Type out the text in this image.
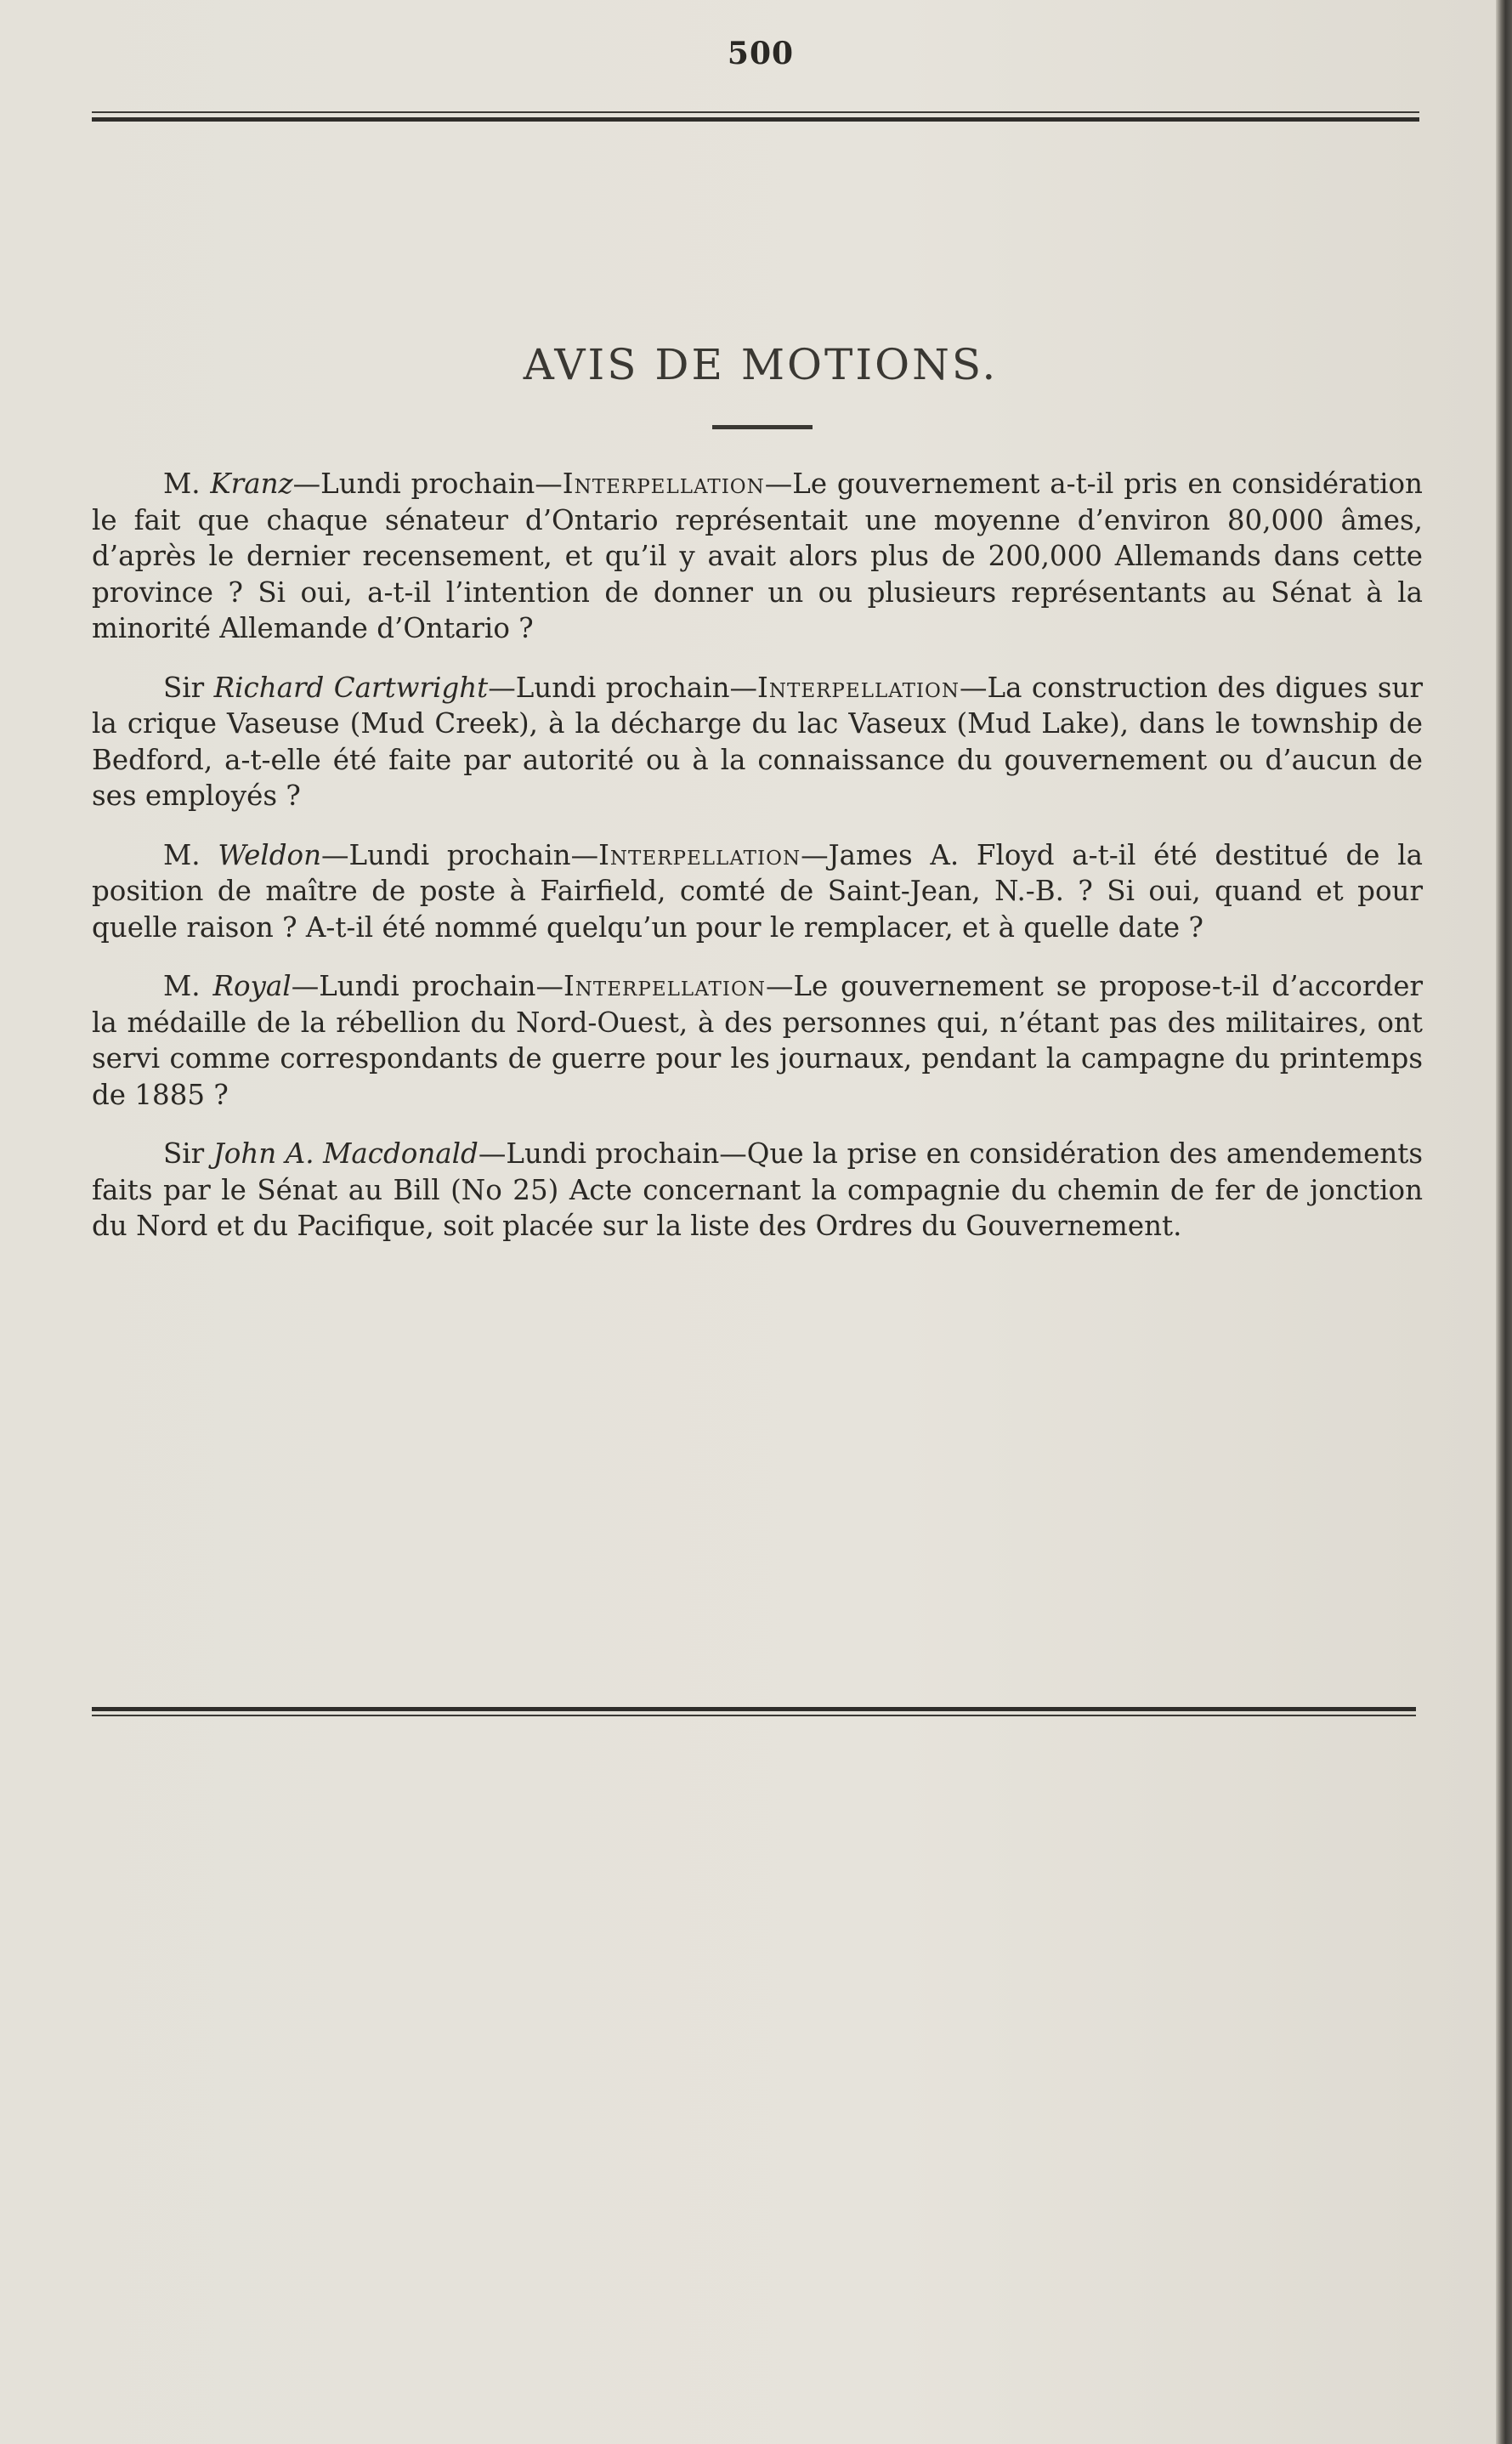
500
AVIS DE MOTIONS.

M. Kranz—Lundi prochain—Interpellation—Le gouvernement a-t-il pris en considération le fait que chaque sénateur d’Ontario représentait une moyenne d’environ 80,000 âmes, d’après le dernier recensement, et qu’il y avait alors plus de 200,000 Allemands dans cette province ? Si oui, a-t-il l’intention de donner un ou plusieurs représentants au Sénat à la minorité Allemande d’Ontario ?

Sir Richard Cartwright—Lundi prochain—Interpellation—La construction des digues sur la crique Vaseuse (Mud Creek), à la décharge du lac Vaseux (Mud Lake), dans le township de Bedford, a-t-elle été faite par autorité ou à la connaissance du gouvernement ou d’aucun de ses employés ?

M. Weldon—Lundi prochain—Interpellation—James A. Floyd a-t-il été destitué de la position de maître de poste à Fairfield, comté de Saint-Jean, N.-B. ? Si oui, quand et pour quelle raison ? A-t-il été nommé quelqu’un pour le remplacer, et à quelle date ?

M. Royal—Lundi prochain—Interpellation—Le gouvernement se propose-t-il d’accorder la médaille de la rébellion du Nord-Ouest, à des personnes qui, n’étant pas des militaires, ont servi comme correspondants de guerre pour les journaux, pendant la campagne du printemps de 1885 ?

Sir John A. Macdonald—Lundi prochain—Que la prise en considération des amendements faits par le Sénat au Bill (No 25) Acte concernant la compagnie du chemin de fer de jonction du Nord et du Pacifique, soit placée sur la liste des Ordres du Gouvernement.
